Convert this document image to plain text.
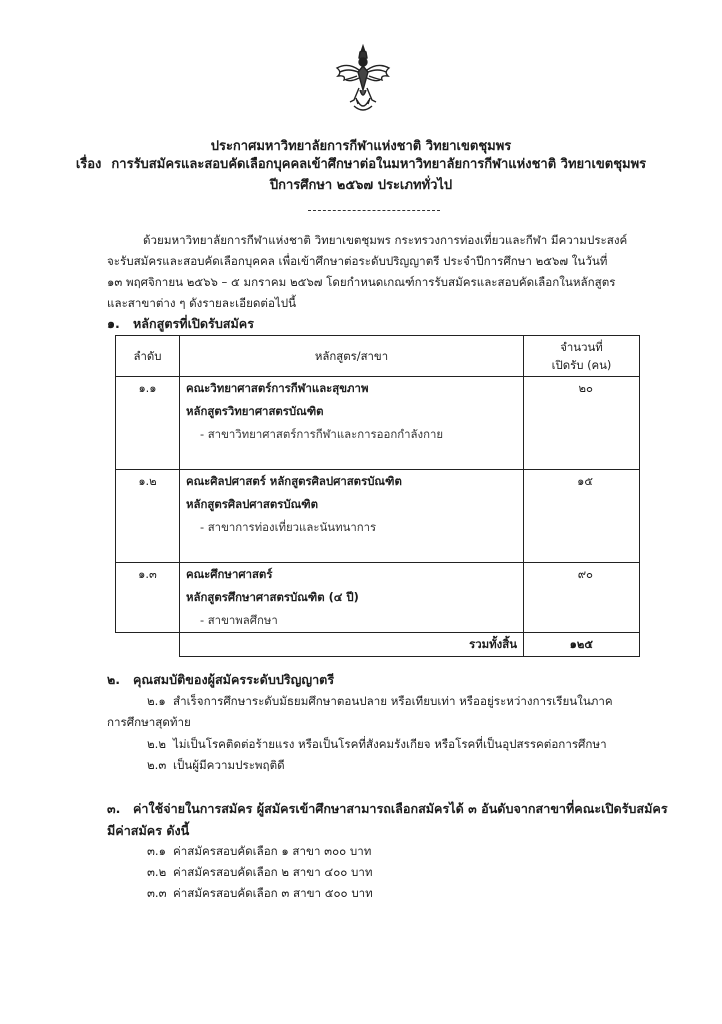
ประกาศมหาวิทยาลัยการกีฬาแห่งชาติ วิทยาเขตชุมพร
เรื่อง การรับสมัครและสอบคัดเลือกบุคคลเข้าศึกษาต่อในมหาวิทยาลัยการกีฬาแห่งชาติ วิทยาเขตชุมพร
ปีการศึกษา ๒๕๖๗ ประเภททั่วไป
ด้วยมหาวิทยาลัยการกีฬาแห่งชาติ วิทยาเขตชุมพร กระทรวงการท่องเที่ยวและกีฬา มีความประสงค์
จะรับสมัครและสอบคัดเลือกบุคคล เพื่อเข้าศึกษาต่อระดับปริญญาตรี ประจำปีการศึกษา ๒๕๖๗ ในวันที่
๑๓ พฤศจิกายน ๒๕๖๖ – ๕ มกราคม ๒๕๖๗ โดยกำหนดเกณฑ์การรับสมัครและสอบคัดเลือกในหลักสูตร
และสาขาต่าง ๆ ดังรายละเอียดต่อไปนี้
๑. หลักสูตรที่เปิดรับสมัคร
ลำดับ	หลักสูตร/สาขา	จำนวนที่
เปิดรับ (คน)
๑.๑	คณะวิทยาศาสตร์การกีฬาและสุขภาพ	๒๐
	หลักสูตรวิทยาศาสตรบัณฑิต	
	- สาขาวิทยาศาสตร์การกีฬาและการออกกำลังกาย	

๑.๒	คณะศิลปศาสตร์ หลักสูตรศิลปศาสตรบัณฑิต	๑๕
	หลักสูตรศิลปศาสตรบัณฑิต	
	- สาขาการท่องเที่ยวและนันทนาการ	

๑.๓	คณะศึกษาศาสตร์	๙๐
	หลักสูตรศึกษาศาสตรบัณฑิต (๔ ปี)	
	- สาขาพลศึกษา	
	รวมทั้งสิ้น	๑๒๕
๒. คุณสมบัติของผู้สมัครระดับปริญญาตรี
๒.๑ สำเร็จการศึกษาระดับมัธยมศึกษาตอนปลาย หรือเทียบเท่า หรืออยู่ระหว่างการเรียนในภาค
การศึกษาสุดท้าย
๒.๒ ไม่เป็นโรคติดต่อร้ายแรง หรือเป็นโรคที่สังคมรังเกียจ หรือโรคที่เป็นอุปสรรคต่อการศึกษา
๒.๓ เป็นผู้มีความประพฤติดี
๓. ค่าใช้จ่ายในการสมัคร ผู้สมัครเข้าศึกษาสามารถเลือกสมัครได้ ๓ อันดับจากสาขาที่คณะเปิดรับสมัคร
มีค่าสมัคร ดังนี้
๓.๑ ค่าสมัครสอบคัดเลือก ๑ สาขา ๓๐๐ บาท
๓.๒ ค่าสมัครสอบคัดเลือก ๒ สาขา ๔๐๐ บาท
๓.๓ ค่าสมัครสอบคัดเลือก ๓ สาขา ๕๐๐ บาท
